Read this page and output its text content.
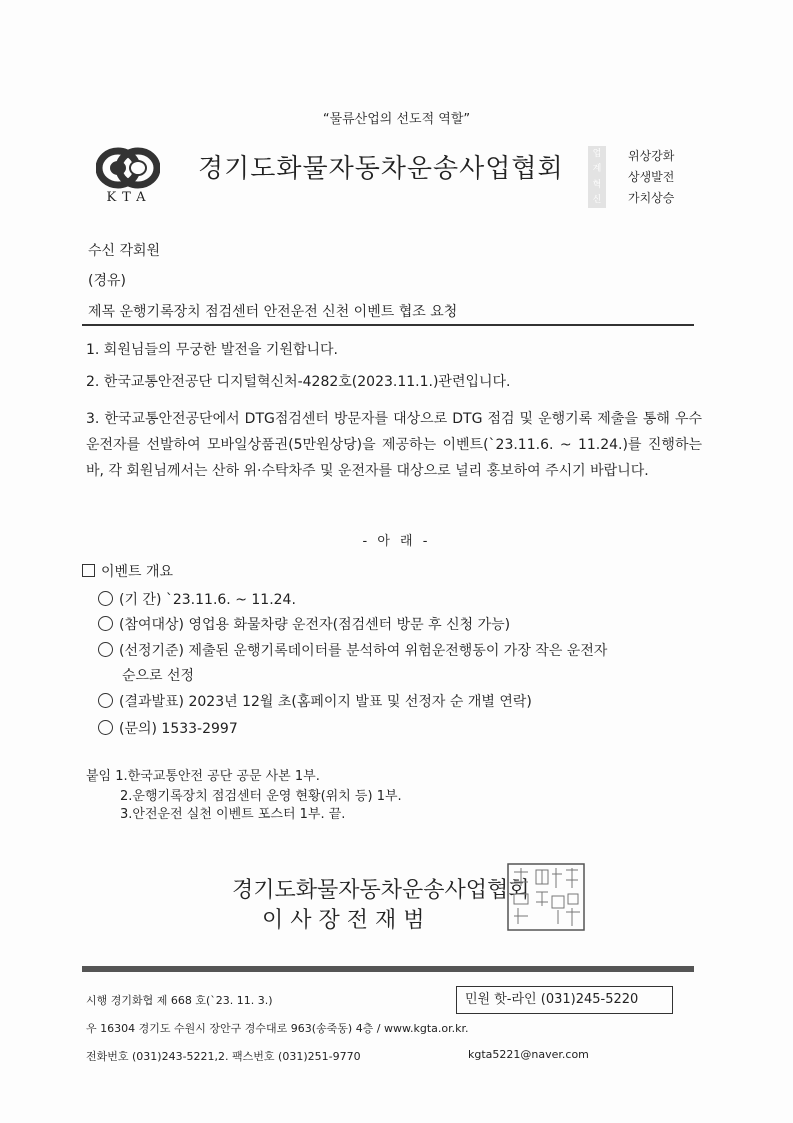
“물류산업의 선도적 역할”
KTA
경기도화물자동차운송사업협회
업
계
혁
신
위상강화
상생발전
가치상승
수신 각회원
(경유)
제목 운행기록장치 점검센터 안전운전 신천 이벤트 협조 요청
1. 회원님들의 무궁한 발전을 기원합니다.
2. 한국교통안전공단 디지털혁신처-4282호(2023.11.1.)관련입니다.
3. 한국교통안전공단에서 DTG점검센터 방문자를 대상으로 DTG 점검 및 운행기록 제출을 통해 우수 운전자를 선발하여 모바일상품권(5만원상당)을 제공하는 이벤트(`23.11.6. ~ 11.24.)를 진행하는 바, 각 회원님께서는 산하 위·수탁차주 및 운전자를 대상으로 널리 홍보하여 주시기 바랍니다.
- 아 래 -
이벤트 개요
(기 간) `23.11.6. ~ 11.24.
(참여대상) 영업용 화물차량 운전자(점검센터 방문 후 신청 가능)
(선정기준) 제출된 운행기록데이터를 분석하여 위험운전행동이 가장 작은 운전자
순으로 선정
(결과발표) 2023년 12월 초(홈페이지 발표 및 선정자 순 개별 연락)
(문의) 1533-2997
붙임 1.한국교통안전 공단 공문 사본 1부.
2.운행기록장치 점검센터 운영 현황(위치 등) 1부.
3.안전운전 실천 이벤트 포스터 1부. 끝.
경기도화물자동차운송사업협회
이 사 장 전 재 범
시행 경기화협 제 668 호(`23. 11. 3.)	민원 핫-라인 (031)245-5220
우 16304 경기도 수원시 장안구 경수대로 963(송죽동) 4층 / www.kgta.or.kr.
전화번호 (031)243-5221,2. 팩스번호 (031)251-9770	kgta5221@naver.com
